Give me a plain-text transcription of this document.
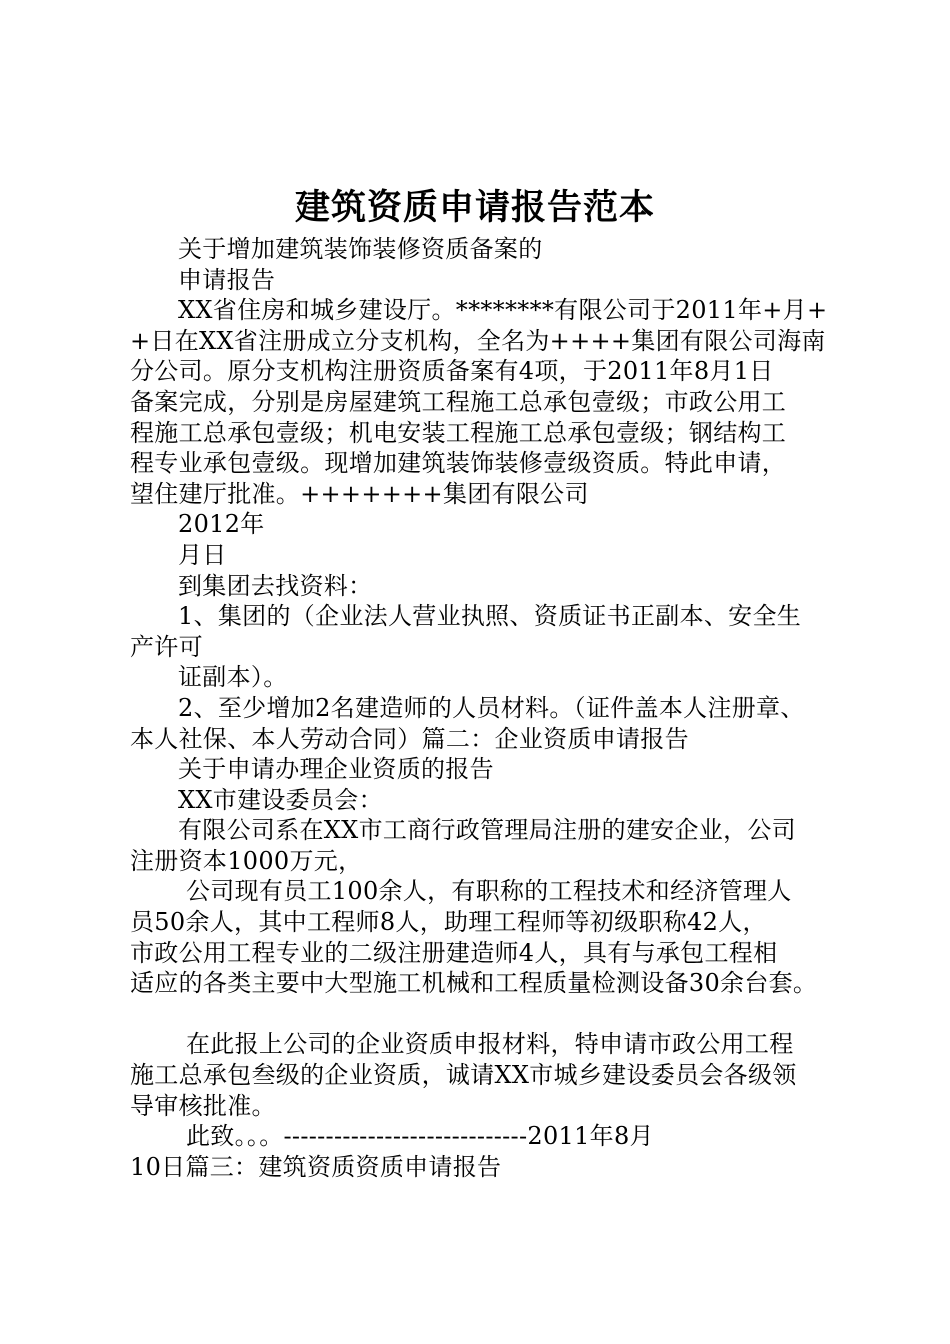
建筑资质申请报告范本
关于增加建筑装饰装修资质备案的
申请报告
XX省住房和城乡建设厅。********有限公司于2011年+月+
+日在XX省注册成立分支机构，全名为++++集团有限公司海南
分公司。原分支机构注册资质备案有4项，于2011年8月1日
备案完成，分别是房屋建筑工程施工总承包壹级；市政公用工
程施工总承包壹级；机电安装工程施工总承包壹级；钢结构工
程专业承包壹级。现增加建筑装饰装修壹级资质。特此申请，
望住建厅批准。+++++++集团有限公司
2012年
月日
到集团去找资料：
1、集团的（企业法人营业执照、资质证书正副本、安全生
产许可
证副本）。
2、至少增加2名建造师的人员材料。（证件盖本人注册章、
本人社保、本人劳动合同）篇二：企业资质申请报告
关于申请办理企业资质的报告
XX市建设委员会：
有限公司系在XX市工商行政管理局注册的建安企业，公司
注册资本1000万元，
公司现有员工100余人，有职称的工程技术和经济管理人
员50余人，其中工程师8人，助理工程师等初级职称42人，
市政公用工程专业的二级注册建造师4人，具有与承包工程相
适应的各类主要中大型施工机械和工程质量检测设备30余台套。
在此报上公司的企业资质申报材料，特申请市政公用工程
施工总承包叁级的企业资质，诚请XX市城乡建设委员会各级领
导审核批准。
此致。。。-----------------------------2011年8月
10日篇三：建筑资质资质申请报告
